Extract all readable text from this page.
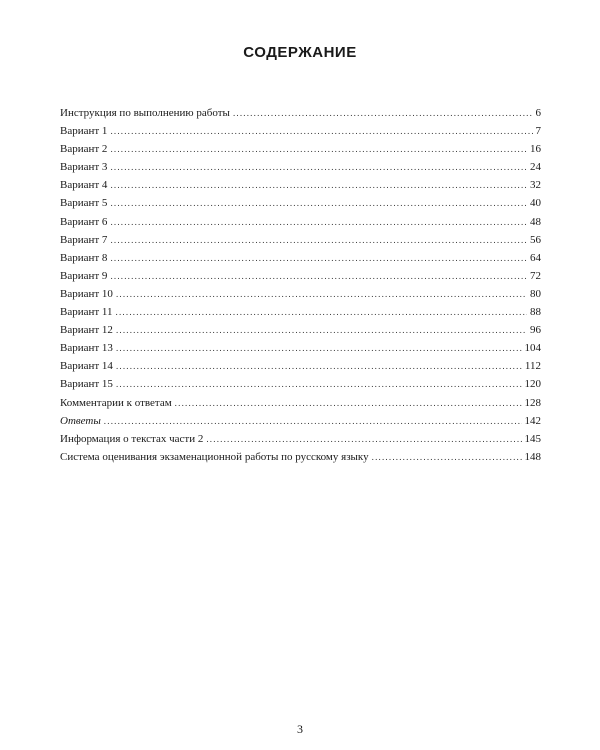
СОДЕРЖАНИЕ
Инструкция по выполнению работы .....	6
Вариант 1 .....	7
Вариант 2 .....	16
Вариант 3 .....	24
Вариант 4 .....	32
Вариант 5 .....	40
Вариант 6 .....	48
Вариант 7 .....	56
Вариант 8 .....	64
Вариант 9 .....	72
Вариант 10 .....	80
Вариант 11 .....	88
Вариант 12 .....	96
Вариант 13 .....	104
Вариант 14 .....	112
Вариант 15 .....	120
Комментарии к ответам .....	128
Ответы .....	142
Информация о текстах части 2 .....	145
Система оценивания экзаменационной работы по русскому языку .....	148
3
